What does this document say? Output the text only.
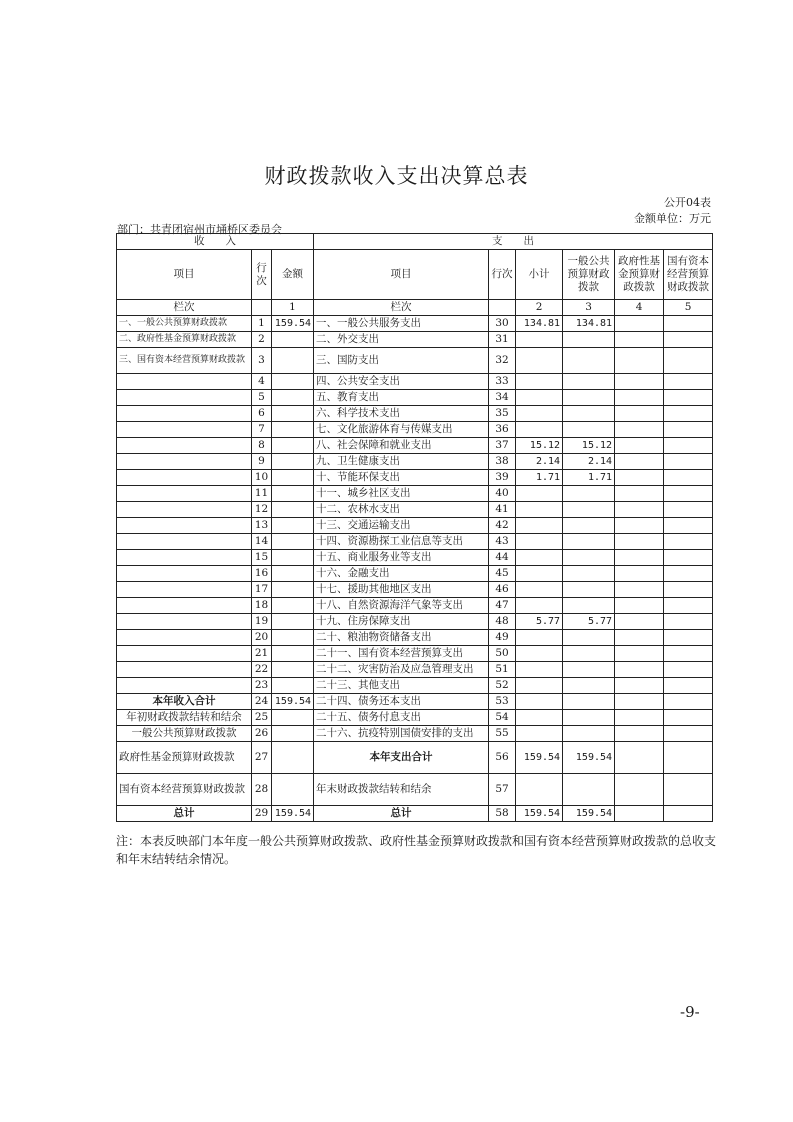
财政拨款收入支出决算总表
公开04表
金额单位：万元
部门：共青团宿州市埇桥区委员会
收　　入			支　　出					
项目	行次	金额	项目	行次	小计	一般公共预算财政拨款	政府性基金预算财政拨款	国有资本经营预算财政拨款
栏次		1	栏次		2	3	4	5
一、一般公共预算财政拨款	1	159.54	一、一般公共服务支出	30	134.81	134.81		
二、政府性基金预算财政拨款	2		二、外交支出	31				
三、国有资本经营预算财政拨款	3		三、国防支出	32				
	4		四、公共安全支出	33				
	5		五、教育支出	34				
	6		六、科学技术支出	35				
	7		七、文化旅游体育与传媒支出	36				
	8		八、社会保障和就业支出	37	15.12	15.12		
	9		九、卫生健康支出	38	2.14	2.14		
	10		十、节能环保支出	39	1.71	1.71		
	11		十一、城乡社区支出	40				
	12		十二、农林水支出	41				
	13		十三、交通运输支出	42				
	14		十四、资源勘探工业信息等支出	43				
	15		十五、商业服务业等支出	44				
	16		十六、金融支出	45				
	17		十七、援助其他地区支出	46				
	18		十八、自然资源海洋气象等支出	47				
	19		十九、住房保障支出	48	5.77	5.77		
	20		二十、粮油物资储备支出	49				
	21		二十一、国有资本经营预算支出	50				
	22		二十二、灾害防治及应急管理支出	51				
	23		二十三、其他支出	52				
本年收入合计	24	159.54	二十四、债务还本支出	53				
年初财政拨款结转和结余	25		二十五、债务付息支出	54				
一般公共预算财政拨款	26		二十六、抗疫特别国债安排的支出	55				
政府性基金预算财政拨款	27		本年支出合计	56	159.54	159.54		
国有资本经营预算财政拨款	28		年末财政拨款结转和结余	57				
总计	29	159.54	总计	58	159.54	159.54		
注：本表反映部门本年度一般公共预算财政拨款、政府性基金预算财政拨款和国有资本经营预算财政拨款的总收支和年末结转结余情况。
-9-
